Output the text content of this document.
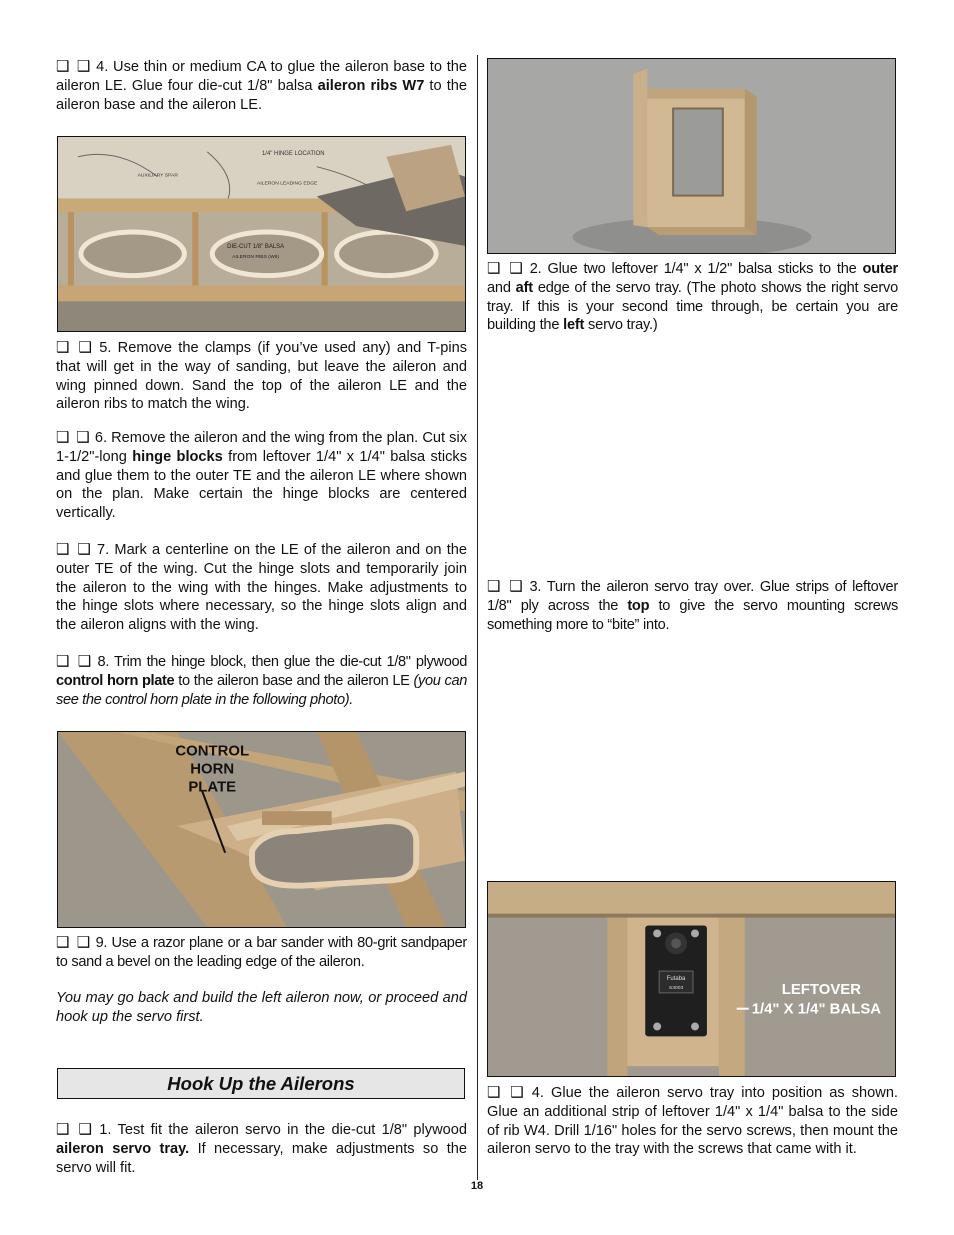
❑ ❑ 4. Use thin or medium CA to glue the aileron base to the aileron LE. Glue four die-cut 1/8" balsa aileron ribs W7 to the aileron base and the aileron LE.

1/4" HINGE LOCATION
AUXILIARY SPAR
AILERON LEADING EDGE
DIE-CUT 1/8" BALSA
AILERON RIBS (W6)

❑ ❑ 5. Remove the clamps (if you’ve used any) and T-pins that will get in the way of sanding, but leave the aileron and wing pinned down. Sand the top of the aileron LE and the aileron ribs to match the wing.

❑ ❑ 6. Remove the aileron and the wing from the plan. Cut six 1-1/2"-long hinge blocks from leftover 1/4" x 1/4" balsa sticks and glue them to the outer TE and the aileron LE where shown on the plan. Make certain the hinge blocks are centered vertically.

❑ ❑ 7. Mark a centerline on the LE of the aileron and on the outer TE of the wing. Cut the hinge slots and temporarily join the aileron to the wing with the hinges. Make adjustments to the hinge slots where necessary, so the hinge slots align and the aileron aligns with the wing.

❑ ❑ 8. Trim the hinge block, then glue the die-cut 1/8" plywood control horn plate to the aileron base and the aileron LE (you can see the control horn plate in the following photo).

CONTROL
HORN
PLATE

❑ ❑ 9. Use a razor plane or a bar sander with 80-grit sandpaper to sand a bevel on the leading edge of the aileron.

You may go back and build the left aileron now, or proceed and hook up the servo first.

Hook Up the Ailerons

❑ ❑ 1. Test fit the aileron servo in the die-cut 1/8" plywood aileron servo tray. If necessary, make adjustments so the servo will fit.

❑ ❑ 2. Glue two leftover 1/4" x 1/2" balsa sticks to the outer and aft edge of the servo tray. (The photo shows the right servo tray. If this is your second time through, be certain you are building the left servo tray.)

❑ ❑ 3. Turn the aileron servo tray over. Glue strips of leftover 1/8" ply across the top to give the servo mounting screws something more to “bite” into.

Futaba
S3003	LEFTOVER
1/4" X 1/4" BALSA

❑ ❑ 4. Glue the aileron servo tray into position as shown. Glue an additional strip of leftover 1/4" x 1/4" balsa to the side of rib W4. Drill 1/16" holes for the servo screws, then mount the aileron servo to the tray with the screws that came with it.

18
